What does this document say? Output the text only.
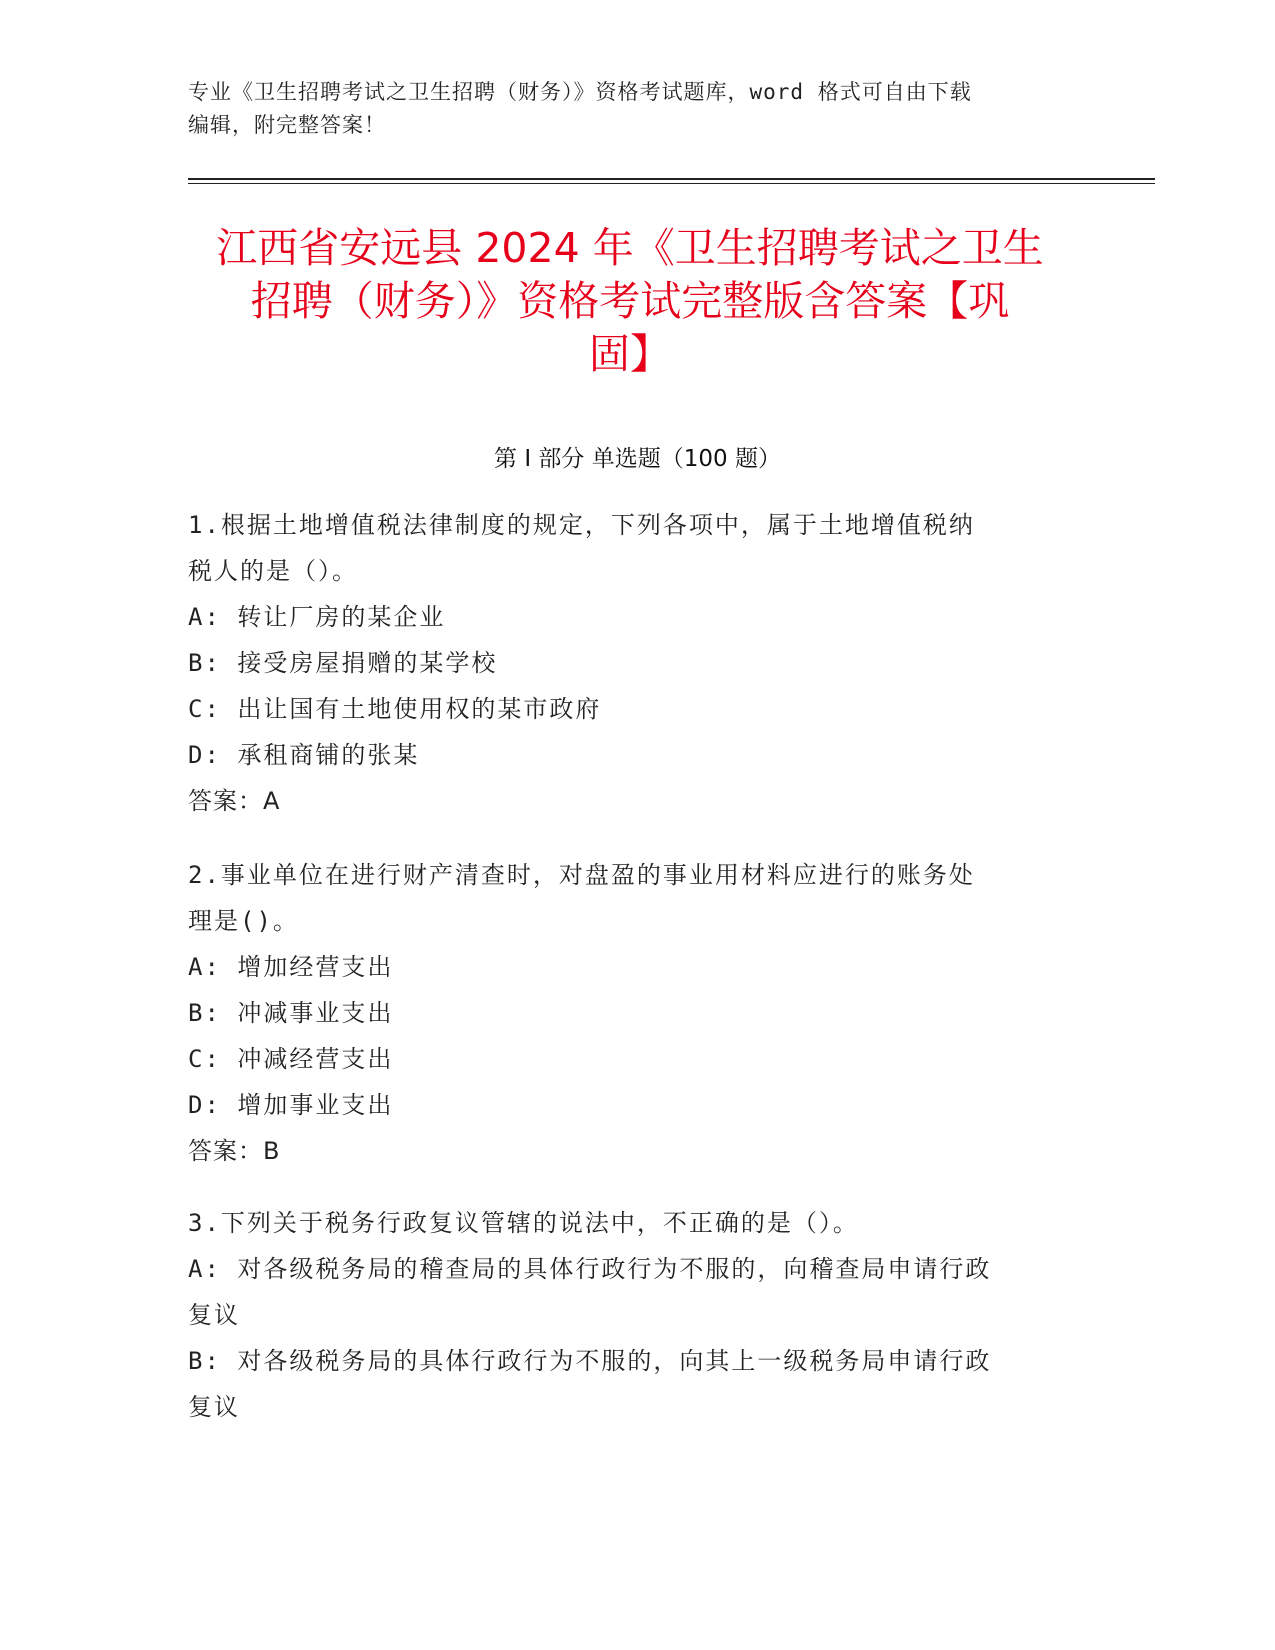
专业《卫生招聘考试之卫生招聘（财务）》资格考试题库，word 格式可自由下载
编辑，附完整答案！
江西省安远县 2024 年《卫生招聘考试之卫生
招聘（财务）》资格考试完整版含答案【巩
固】
第 I 部分 单选题（100 题）

1.根据土地增值税法律制度的规定，下列各项中，属于土地增值税纳

税人的是（）。

A: 转让厂房的某企业

B: 接受房屋捐赠的某学校

C: 出让国有土地使用权的某市政府

D: 承租商铺的张某

答案：A

2.事业单位在进行财产清查时，对盘盈的事业用材料应进行的账务处

理是()。

A: 增加经营支出

B: 冲减事业支出

C: 冲减经营支出

D: 增加事业支出

答案：B

3.下列关于税务行政复议管辖的说法中，不正确的是（）。

A: 对各级税务局的稽查局的具体行政行为不服的，向稽查局申请行政

复议

B: 对各级税务局的具体行政行为不服的，向其上一级税务局申请行政

复议
